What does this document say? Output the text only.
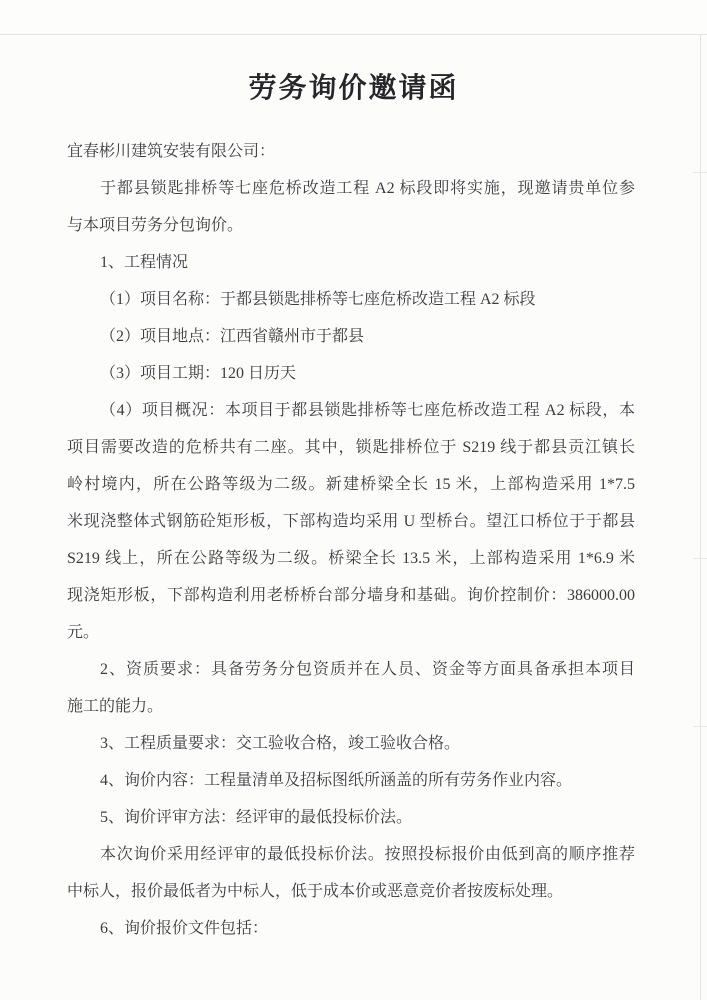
劳务询价邀请函
宜春彬川建筑安装有限公司：
于都县锁匙排桥等七座危桥改造工程 A2 标段即将实施，现邀请贵单位参
与本项目劳务分包询价。
1、工程情况
（1）项目名称：于都县锁匙排桥等七座危桥改造工程 A2 标段
（2）项目地点：江西省赣州市于都县
（3）项目工期：120 日历天
（4）项目概况：本项目于都县锁匙排桥等七座危桥改造工程 A2 标段，本
项目需要改造的危桥共有二座。其中，锁匙排桥位于 S219 线于都县贡江镇长
岭村境内，所在公路等级为二级。新建桥梁全长 15 米，上部构造采用 1*7.5
米现浇整体式钢筋砼矩形板，下部构造均采用 U 型桥台。望江口桥位于于都县
S219 线上，所在公路等级为二级。桥梁全长 13.5 米，上部构造采用 1*6.9 米
现浇矩形板，下部构造利用老桥桥台部分墙身和基础。询价控制价：386000.00
元。
2、资质要求：具备劳务分包资质并在人员、资金等方面具备承担本项目
施工的能力。
3、工程质量要求：交工验收合格，竣工验收合格。
4、询价内容：工程量清单及招标图纸所涵盖的所有劳务作业内容。
5、询价评审方法：经评审的最低投标价法。
本次询价采用经评审的最低投标价法。按照投标报价由低到高的顺序推荐
中标人，报价最低者为中标人，低于成本价或恶意竞价者按废标处理。
6、询价报价文件包括：
